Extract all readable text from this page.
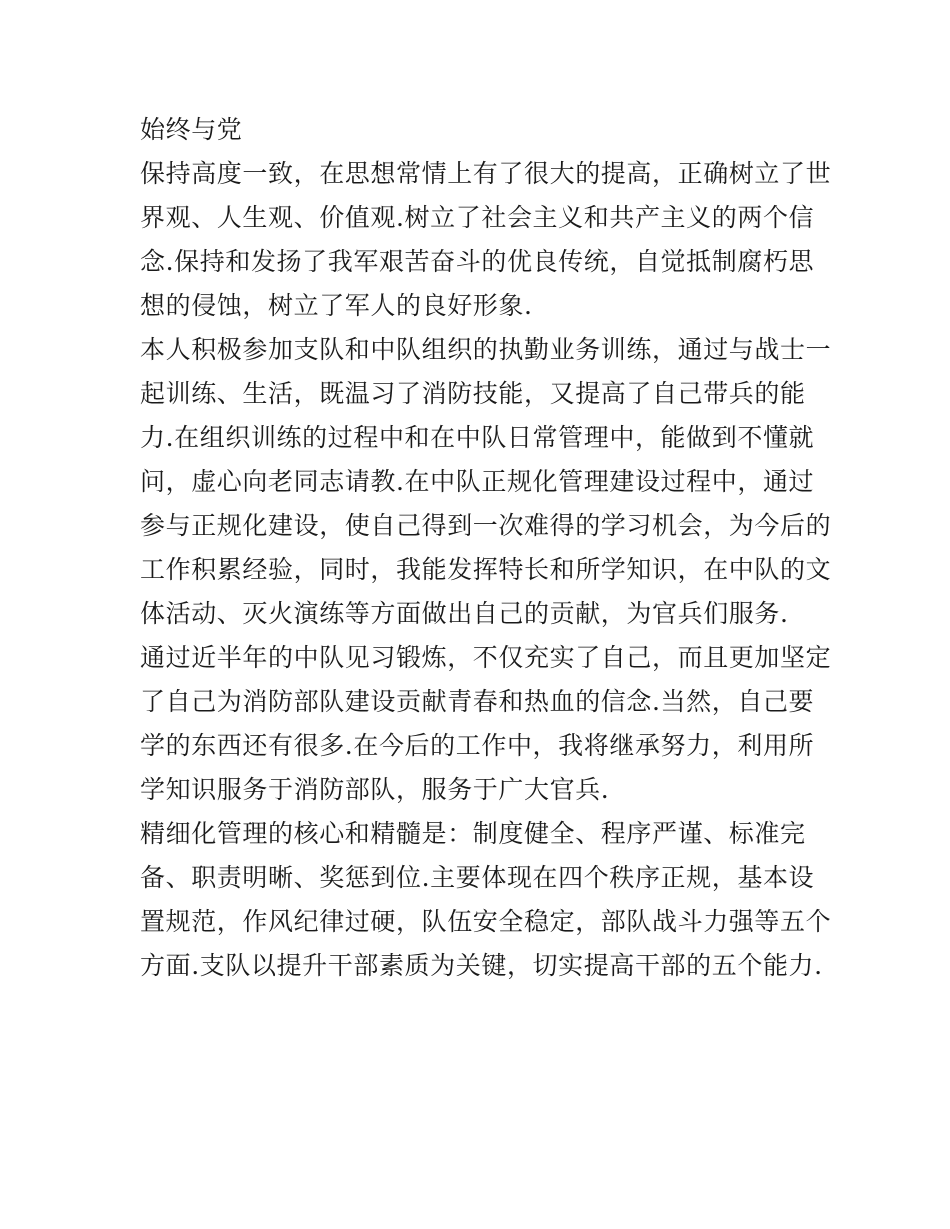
始终与党
保持高度一致，在思想常情上有了很大的提高，正确树立了世
界观、人生观、价值观.树立了社会主义和共产主义的两个信
念.保持和发扬了我军艰苦奋斗的优良传统，自觉抵制腐朽思
想的侵蚀，树立了军人的良好形象.
本人积极参加支队和中队组织的执勤业务训练，通过与战士一
起训练、生活，既温习了消防技能，又提高了自己带兵的能
力.在组织训练的过程中和在中队日常管理中，能做到不懂就
问，虚心向老同志请教.在中队正规化管理建设过程中，通过
参与正规化建设，使自己得到一次难得的学习机会，为今后的
工作积累经验，同时，我能发挥特长和所学知识，在中队的文
体活动、灭火演练等方面做出自己的贡献，为官兵们服务.
通过近半年的中队见习锻炼，不仅充实了自己，而且更加坚定
了自己为消防部队建设贡献青春和热血的信念.当然，自己要
学的东西还有很多.在今后的工作中，我将继承努力，利用所
学知识服务于消防部队，服务于广大官兵.
精细化管理的核心和精髓是：制度健全、程序严谨、标准完
备、职责明晰、奖惩到位.主要体现在四个秩序正规，基本设
置规范，作风纪律过硬，队伍安全稳定，部队战斗力强等五个
方面.支队以提升干部素质为关键，切实提高干部的五个能力.
